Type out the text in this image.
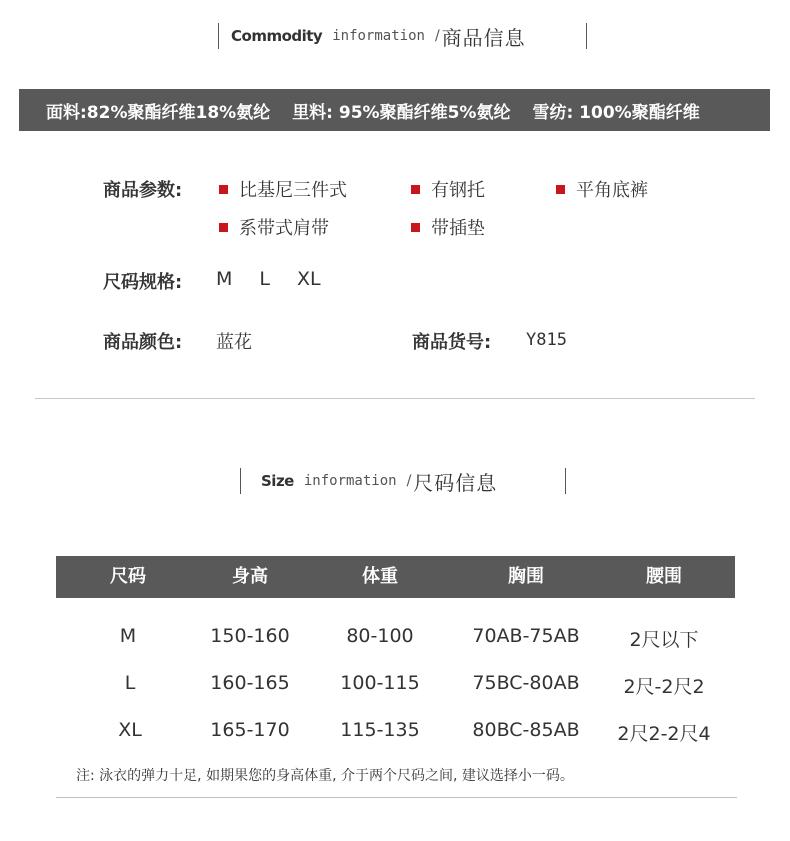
Commodity information / 商品信息
面料:82%聚酯纤维18%氨纶 里料: 95%聚酯纤维5%氨纶 雪纺: 100%聚酯纤维
商品参数:	比基尼三件式	有钢托	平角底裤
系带式肩带	带插垫
尺码规格: M L XL
商品颜色: 蓝花	商品货号: Y815
Size information / 尺码信息
尺码	身高	体重	胸围	腰围
M	150-160	80-100	70AB-75AB	2尺以下
L	160-165	100-115	75BC-80AB 2尺-2尺2
XL	165-170	115-135	80BC-85AB 2尺2-2尺4
注: 泳衣的弹力十足, 如期果您的身高体重, 介于两个尺码之间, 建议选择小一码。
